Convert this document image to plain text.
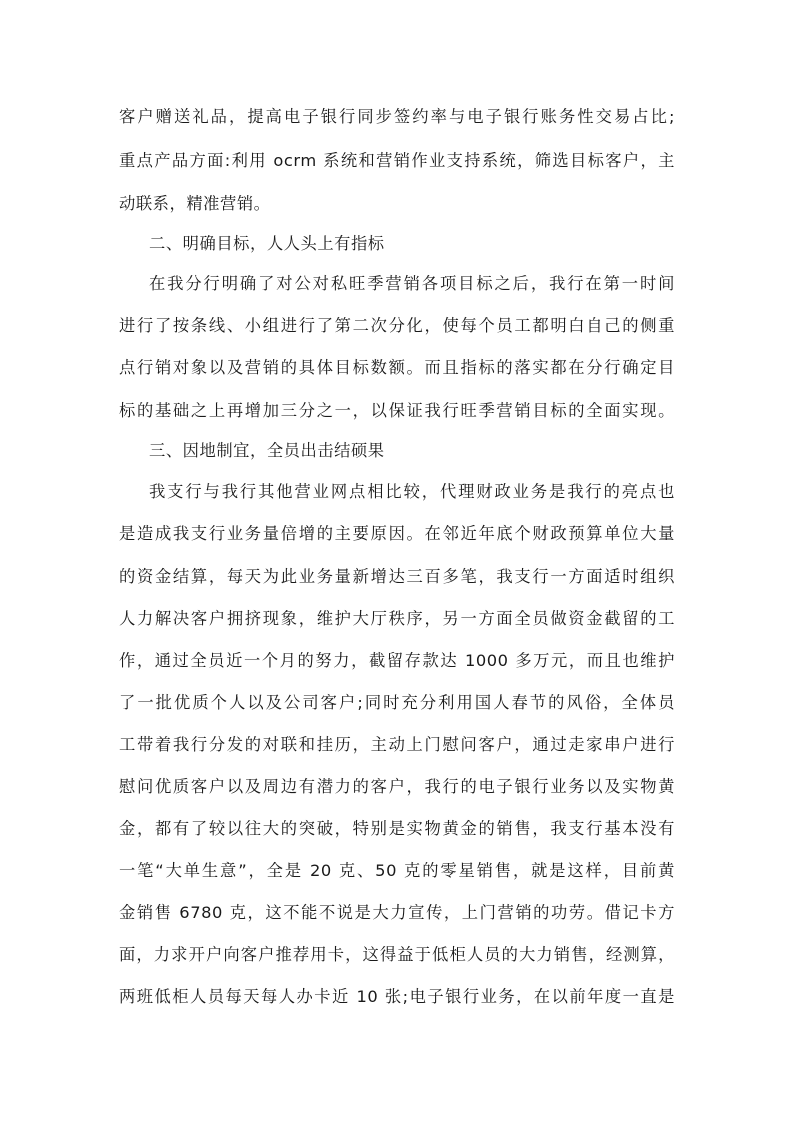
客户赠送礼品，提高电子银行同步签约率与电子银行账务性交易占比;
重点产品方面:利用 ocrm 系统和营销作业支持系统，筛选目标客户，主
动联系，精准营销。
二、明确目标，人人头上有指标
在我分行明确了对公对私旺季营销各项目标之后，我行在第一时间
进行了按条线、小组进行了第二次分化，使每个员工都明白自己的侧重
点行销对象以及营销的具体目标数额。而且指标的落实都在分行确定目
标的基础之上再增加三分之一，以保证我行旺季营销目标的全面实现。
三、因地制宜，全员出击结硕果
我支行与我行其他营业网点相比较，代理财政业务是我行的亮点也
是造成我支行业务量倍增的主要原因。在邻近年底个财政预算单位大量
的资金结算，每天为此业务量新增达三百多笔，我支行一方面适时组织
人力解决客户拥挤现象，维护大厅秩序，另一方面全员做资金截留的工
作，通过全员近一个月的努力，截留存款达 1000 多万元，而且也维护
了一批优质个人以及公司客户;同时充分利用国人春节的风俗，全体员
工带着我行分发的对联和挂历，主动上门慰问客户，通过走家串户进行
慰问优质客户以及周边有潜力的客户，我行的电子银行业务以及实物黄
金，都有了较以往大的突破，特别是实物黄金的销售，我支行基本没有
一笔“大单生意”，全是 20 克、50 克的零星销售，就是这样，目前黄
金销售 6780 克，这不能不说是大力宣传，上门营销的功劳。借记卡方
面，力求开户向客户推荐用卡，这得益于低柜人员的大力销售，经测算，
两班低柜人员每天每人办卡近 10 张;电子银行业务，在以前年度一直是
